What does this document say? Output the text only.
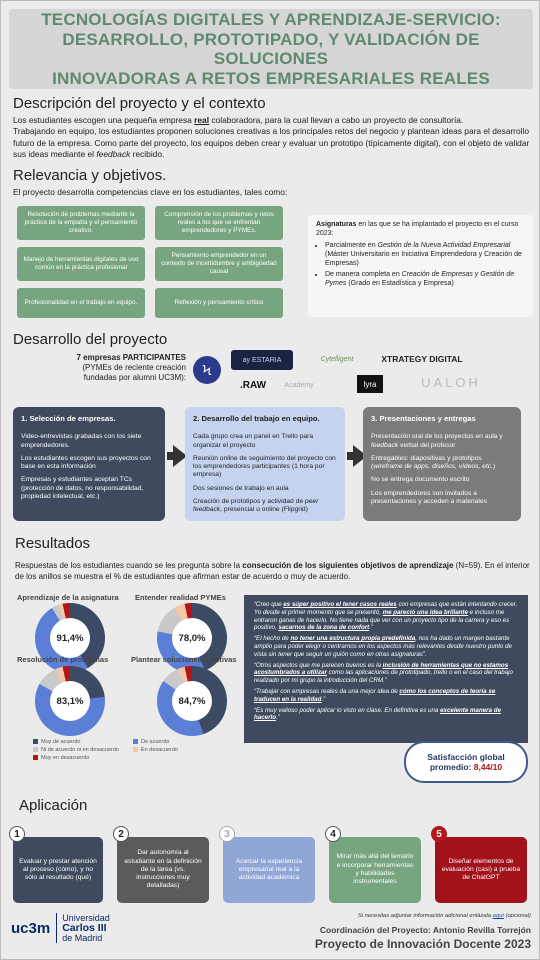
TECNOLOGÍAS DIGITALES Y APRENDIZAJE-SERVICIO:
DESARROLLO, PROTOTIPADO, Y VALIDACIÓN DE SOLUCIONES
INNOVADORAS A RETOS EMPRESARIALES REALES
Descripción del proyecto y el contexto
Los estudiantes escogen una pequeña empresa real colaboradora, para la cual llevan a cabo un proyecto de consultoría.
Trabajando en equipo, los estudiantes proponen soluciones creativas a los principales retos del negocio y plantean ideas para el desarrollo futuro de la empresa. Como parte del proyecto, los equipos deben crear y evaluar un prototipo (típicamente digital), con el objeto de validar sus ideas mediante el feedback recibido.
Relevancia y objetivos.
El proyecto desarrolla competencias clave en los estudiantes, tales como:
Resolución de problemas mediante la práctica de la empatía y el pensamiento creativo.
Comprensión de los problemas y retos reales a los que se enfrentan emprendedores y PYMEs.
Manejo de herramientas digitales de uso común en la práctica profesional
Pensamiento emprendedor en un contexto de incertidumbre y ambigüedad causal
Profesionalidad en el trabajo en equipo.	Reflexión y pensamiento crítico
Asignaturas en las que se ha implantado el proyecto en el curso 2023:
• Parcialmente en Gestión de la Nueva Actividad Empresarial (Máster Universitario en Iniciativa Emprendedora y Creación de Empresas)
• De manera completa en Creación de Empresas y Gestión de Pymes (Grado en Estadística y Empresa)
Desarrollo del proyecto
7 empresas PARTICIPANTES
(PYMEs de reciente creación fundadas por alumni UC3M):	Ϟ
ay ESTARIA	Cytelligent	XTRATEGY DIGITAL
.RAW	Academy	lyra	UALOH
1. Selección de empresas.

Video-entrevistas grabadas con los siete emprendedores.

Los estudiantes escogen sus proyectos con base en esta información

Empresas y estudiantes aceptan TCs (protección de datos, no responsabilidad, propiedad intelectual, etc.)

2. Desarrollo del trabajo en equipo.

Cada grupo crea un panel en Trello para organizar el proyecto

Reunión online de seguimiento del proyecto con los emprendedores participantes (1 hora por empresa)

Dos sesiones de trabajo en aula

Creación de prototipos y actividad de peer feedback, presencial u online (Flipgrid)

3. Presentaciones y entregas

Presentación oral de los proyectos en aula y feedback verbal del profesor

Entregables: diapositivas y prototipos (wireframe de apps, diseños, vídeos, etc.)

No se entrega documento escrito

Los emprendedores son invitados a presentaciones y acceden a materiales

Resultados
Respuestas de los estudiantes cuando se les pregunta sobre la consecución de los siguientes objetivos de aprendizaje (N=59). En el interior de los anillos se muestra el % de estudiantes que afirman estar de acuerdo o muy de acuerdo.
Aprendizaje de la asignatura
91,4%
Entender realidad PYMEs
78,0%
Resolución de problemas
83,1%
Plantear soluciones creativas
84,7%
Muy de acuerdo	De acuerdo
Ni de acuerdo ni en desacuerdo	En desacuerdo
Muy en desacuerdo

“Creo que es súper positivo el tener casos reales con empresas que están intentando crecer. Yo desde el primer momento que se presentó, me pareció una idea brillante e incluso me entraron ganas de hacerlo. No tiene nada que ver con un proyecto tipo de la carrera y eso es positivo, sacarnos de la zona de confort.”

“El hecho de no tener una estructura propia predefinida, nos ha dado un margen bastante amplio para poder elegir o centrarnos en los aspectos más relevantes desde nuestro punto de vista sin tener que seguir un guión como en otras asignaturas”.

“Otros aspectos que me parecen buenos es la inclusión de herramientas que no estamos acostumbrados a utilizar como las aplicaciones de prototipado, trello o en el caso del trabajo realizado por mi grupo la introducción del CRM.”

“Trabajar con empresas reales da una mejor idea de cómo los conceptos de teoría se traducen en la realidad.”

“Es muy valioso poder aplicar lo visto en clase. En definitiva es una excelente manera de hacerlo.”

Satisfacción global
promedio: 8,44/10
Aplicación
1
Evaluar y prestar atención al proceso (cómo), y no sólo al resultado (qué)
2
Dar autonomía al estudiante en la definición de la tarea (vs. instrucciones muy detalladas)
3
Acercar la experiencia empresarial real a la actividad académica
4
Mirar más allá del temario e incorporar herramientas y habilidades instrumentales
5
Diseñar elementos de evaluación (casi) a prueba de ChatGPT
uc3m
Universidad
Carlos III
de Madrid
Si necesitas adjuntar información adicional enlázala aquí (opcional)
Coordinación del Proyecto: Antonio Revilla Torrejón
Proyecto de Innovación Docente 2023
